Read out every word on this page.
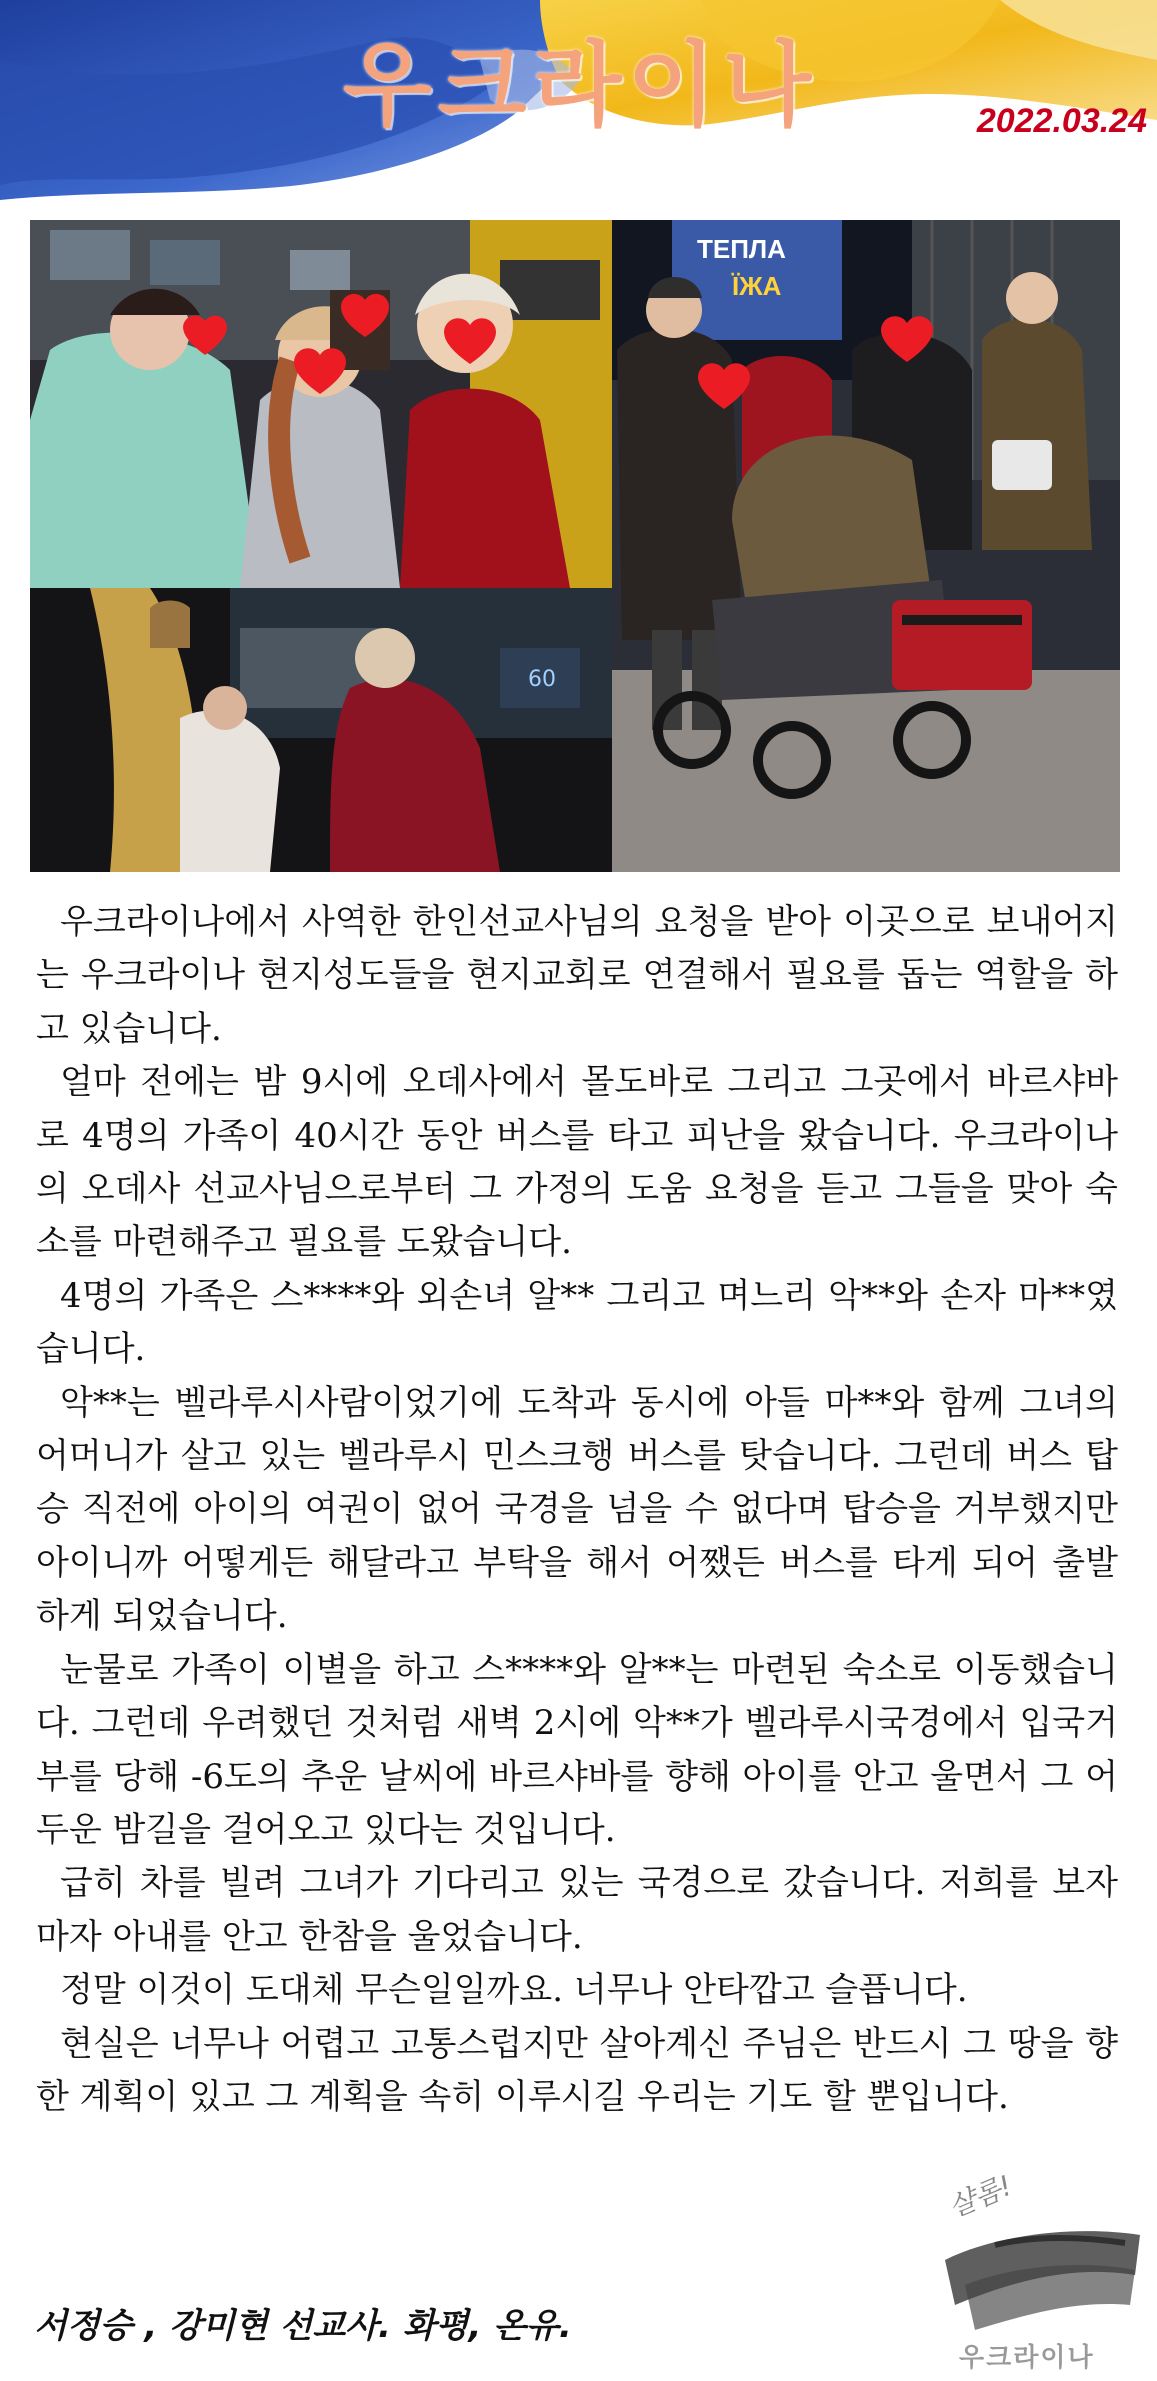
우크라이나	2022.03.24
60
ТЕПЛА
ЇЖА

우크라이나에서 사역한 한인선교사님의 요청을 받아 이곳으로 보내어지는 우크라이나 현지성도들을 현지교회로 연결해서 필요를 돕는 역할을 하고 있습니다.

얼마 전에는 밤 9시에 오데사에서 몰도바로 그리고 그곳에서 바르샤바로 4명의 가족이 40시간 동안 버스를 타고 피난을 왔습니다. 우크라이나의 오데사 선교사님으로부터 그 가정의 도움 요청을 듣고 그들을 맞아 숙소를 마련해주고 필요를 도왔습니다.

4명의 가족은 스****와 외손녀 알** 그리고 며느리 악**와 손자 마**였습니다.

악**는 벨라루시사람이었기에 도착과 동시에 아들 마**와 함께 그녀의 어머니가 살고 있는 벨라루시 민스크행 버스를 탓습니다. 그런데 버스 탑승 직전에 아이의 여권이 없어 국경을 넘을 수 없다며 탑승을 거부했지만 아이니까 어떻게든 해달라고 부탁을 해서 어쨌든 버스를 타게 되어 출발하게 되었습니다.

눈물로 가족이 이별을 하고 스****와 알**는 마련된 숙소로 이동했습니다. 그런데 우려했던 것처럼 새벽 2시에 악**가 벨라루시국경에서 입국거부를 당해 -6도의 추운 날씨에 바르샤바를 향해 아이를 안고 울면서 그 어두운 밤길을 걸어오고 있다는 것입니다.

급히 차를 빌려 그녀가 기다리고 있는 국경으로 갔습니다. 저희를 보자 마자 아내를 안고 한참을 울었습니다.

정말 이것이 도대체 무슨일일까요. 너무나 안타깝고 슬픕니다.

현실은 너무나 어렵고 고통스럽지만 살아계신 주님은 반드시 그 땅을 향한 계획이 있고 그 계획을 속히 이루시길 우리는 기도 할 뿐입니다.

샬롬!
우크라이나
서정승 , 강미현 선교사. 화평, 온유.
